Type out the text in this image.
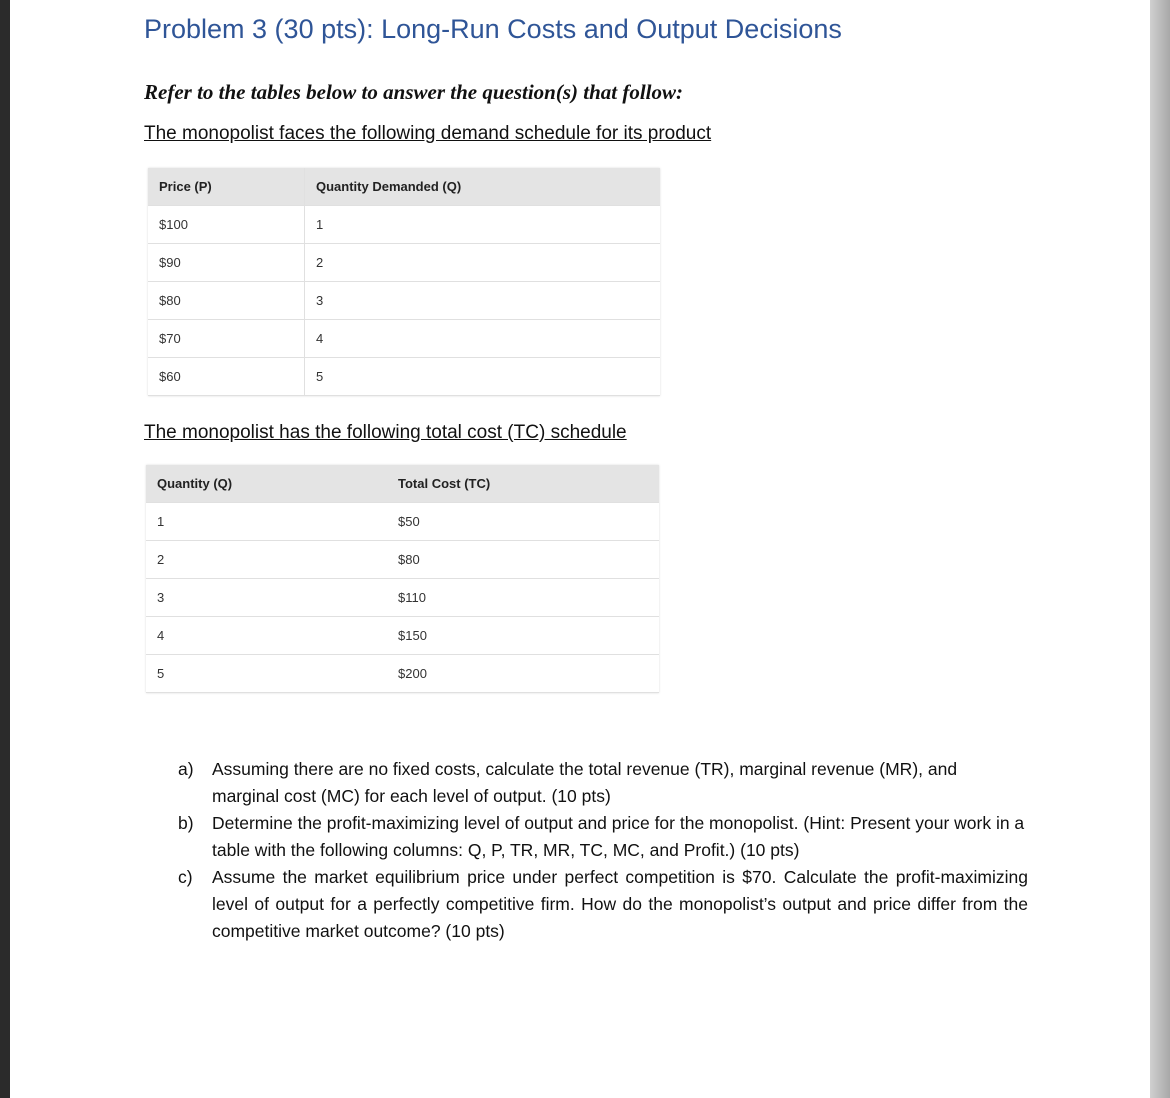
Problem 3 (30 pts): Long-Run Costs and Output Decisions
Refer to the tables below to answer the question(s) that follow:
The monopolist faces the following demand schedule for its product
Price (P)	Quantity Demanded (Q)
$100	1
$90	2
$80	3
$70	4
$60	5
The monopolist has the following total cost (TC) schedule
Quantity (Q)	Total Cost (TC)
1	$50
2	$80
3	$110
4	$150
5	$200
a)	Assuming there are no fixed costs, calculate the total revenue (TR), marginal revenue (MR), and marginal cost (MC) for each level of output. (10 pts)
b)	Determine the profit-maximizing level of output and price for the monopolist. (Hint: Present your work in a table with the following columns: Q, P, TR, MR, TC, MC, and Profit.) (10 pts)
c)	Assume the market equilibrium price under perfect competition is $70. Calculate the profit-maximizing level of output for a perfectly competitive firm. How do the monopolist’s output and price differ from the competitive market outcome? (10 pts)
